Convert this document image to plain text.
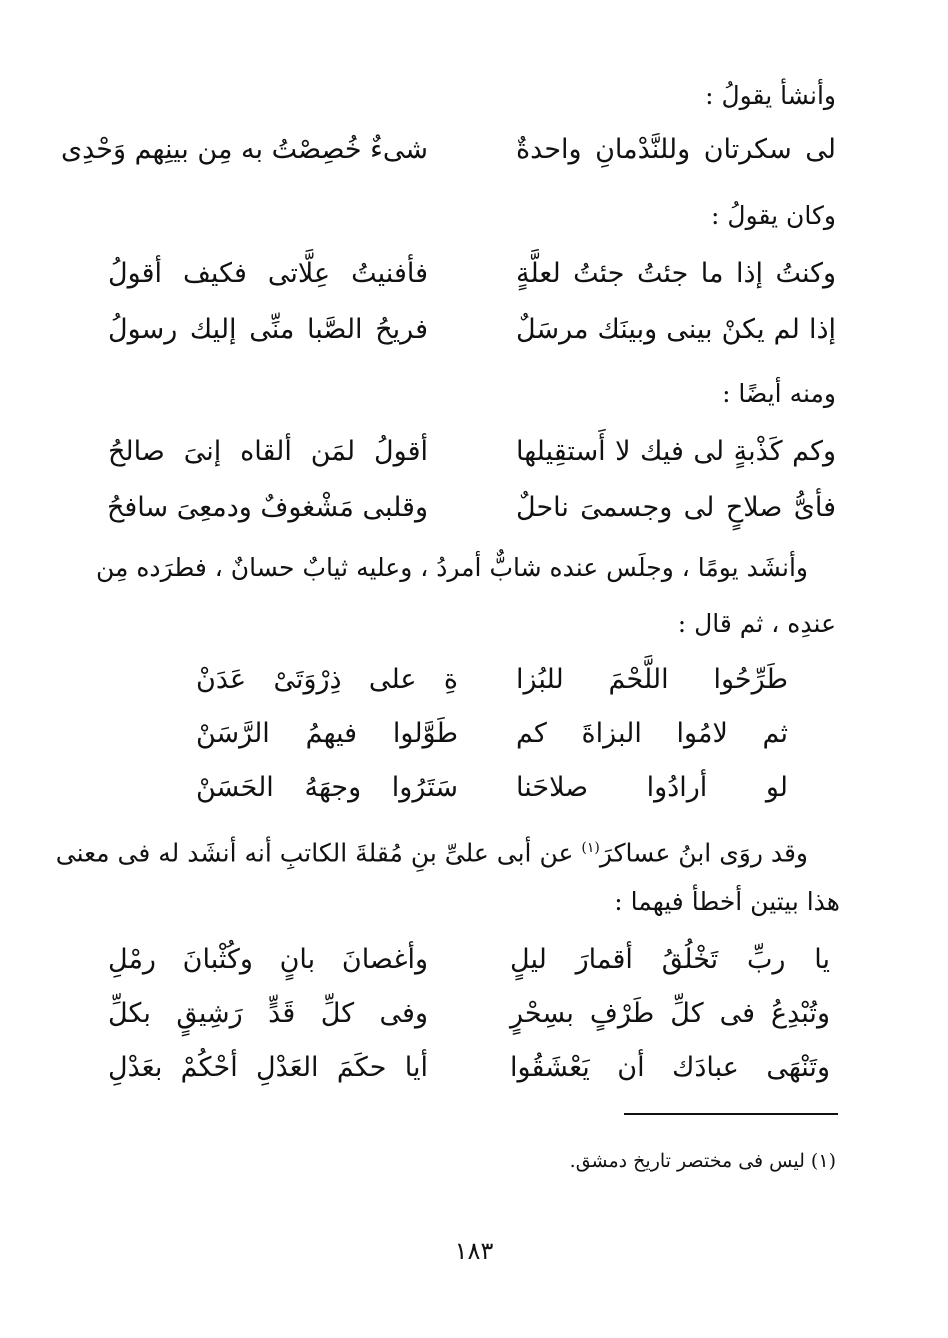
وأنشأ يقولُ :
لى سكرتان وللنَّدْمانِ واحدةٌ
شىءٌ خُصِصْتُ به مِن بينِهم وَحْدِى
وكان يقولُ :
وكنتُ إذا ما جئتُ جئتُ لعلَّةٍ
فأفنيتُ عِلَّاتى فكيف أقولُ
إذا لم يكنْ بينى وبينَك مرسَلٌ
فريحُ الصَّبا منِّى إليك رسولُ
ومنه أيضًا :
وكم كَذْبةٍ لى فيك لا أَستقِيلها
أقولُ لمَن ألقاه إنىَ صالحُ
فأىُّ صلاحٍ لى وجسمىَ ناحلٌ
وقلبى مَشْغوفٌ ودمعِىَ سافحُ
وأنشَد يومًا ، وجلَس عنده شابٌّ أمردُ ، وعليه ثيابٌ حسانٌ ، فطرَده مِن
عندِه ، ثم قال :
طَرِّحُوا اللَّحْمَ للبُزا
ةِ على ذِرْوَتَىْ عَدَنْ
ثم لامُوا البزاةَ كم
طَوَّلوا فيهمُ الرَّسَنْ
لو أرادُوا صلاحَنا
سَتَرُوا وجهَهُ الحَسَنْ
وقد روَى ابنُ عساكرَ$^{(١)}$ عن أبى علىِّ بنِ مُقلةَ الكاتبِ أنه أنشَد له فى معنى
هذا بيتين أخطأ فيهما :
يا ربِّ تَخْلُقُ أقمارَ ليلٍ
وأغصانَ بانٍ وكُثْبانَ رمْلِ
وتُبْدِعُ فى كلِّ طَرْفٍ بسِحْرٍ
وفى كلِّ قَدٍّ رَشِيقٍ بكلِّ
وتَنْهَى عبادَك أن يَعْشَقُوا
أيا حكَمَ العَدْلِ أحْكُمْ بعَدْلِ
(١) ليس فى مختصر تاريخ دمشق.
١٨٣
